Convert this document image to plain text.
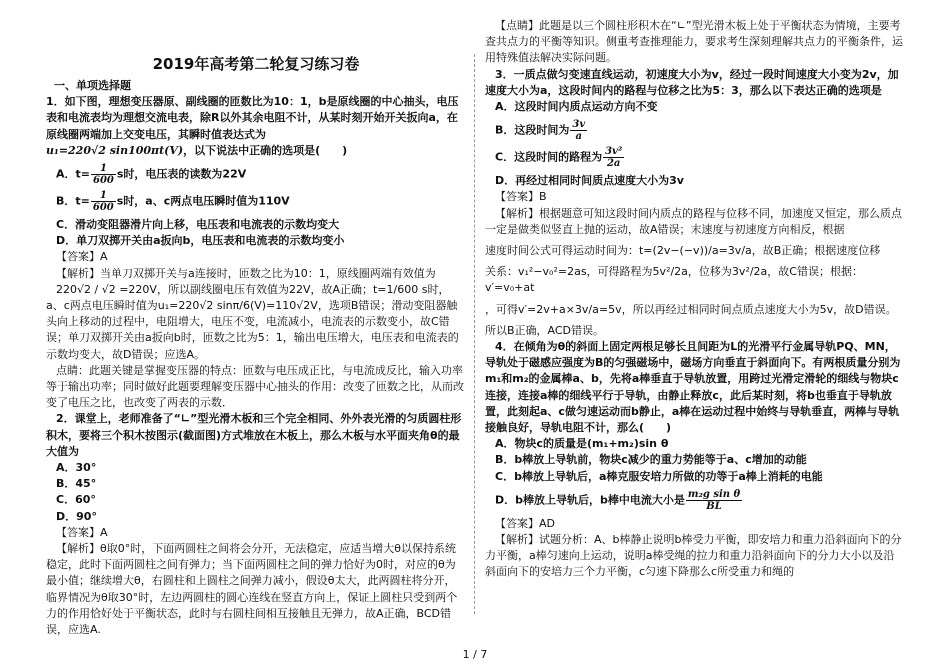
2019年高考第二轮复习练习卷
一、单项选择题
1．如下图，理想变压器原、副线圈的匝数比为10：1，b是原线圈的中心抽头，电压表和电流表均为理想交流电表，除R以外其余电阻不计，从某时刻开始开关扳向a，在原线圈两端加上交变电压，其瞬时值表达式为
u₁=220√2 sin100πt(V)，以下说法中正确的选项是(　　)
A．$t= \frac{1}{600}$ s时，电压表的读数为22V
B．$t= \frac{1}{600}$ s时，a、c两点电压瞬时值为110V
C．滑动变阻器滑片向上移，电压表和电流表的示数均变大
D．单刀双掷开关由a扳向b，电压表和电流表的示数均变小
【答案】A
【解析】当单刀双掷开关与a连接时，匝数之比为10：1，原线圈两端有效值为
220√2 / √2 =220V，所以副线圈电压有效值为22V，故A正确；t=1/600 s时，
a、c两点电压瞬时值为u₁=220√2 sinπ/6(V)=110√2V，选项B错误；滑动变阻器触头向上移动的过程中，电阻增大，电压不变，电流减小，电流表的示数变小，故C错误；单刀双掷开关由a扳向b时，匝数之比为5：1，输出电压增大，电压表和电流表的示数均变大，故D错误；应选A。
点睛：此题关键是掌握变压器的特点：匝数与电压成正比，与电流成反比，输入功率等于输出功率；同时做好此题要理解变压器中心抽头的作用：改变了匝数之比，从而改变了电压之比，也改变了两表的示数．
2．课堂上，老师准备了“∟”型光滑木板和三个完全相同、外外表光滑的匀质圆柱形积木，要将三个积木按图示(截面图)方式堆放在木板上，那么木板与水平面夹角θ的最大值为
A．30°
B．45°
C．60°
D．90°
【答案】A
【解析】θ取0°时，下面两圆柱之间将会分开，无法稳定，应适当增大θ以保持系统稳定，此时下面两圆柱之间有弹力；当下面两圆柱之间的弹力恰好为0时，对应的θ为最小值；继续增大θ，右圆柱和上圆柱之间弹力减小，假设θ太大，此两圆柱将分开，临界情况为θ取30°时，左边两圆柱的圆心连线在竖直方向上，保证上圆柱只受到两个力的作用恰好处于平衡状态，此时与右圆柱间相互接触且无弹力，故A正确，BCD错误，应选A.
【点睛】此题是以三个圆柱形积木在“∟”型光滑木板上处于平衡状态为情境，主要考查共点力的平衡等知识。侧重考查推理能力，要求考生深刻理解共点力的平衡条件，运用特殊值法解决实际问题。
3．一质点做匀变速直线运动，初速度大小为v，经过一段时间速度大小变为2v，加速度大小为a，这段时间内的路程与位移之比为5：3，那么以下表达正确的选项是
A．这段时间内质点运动方向不变
B．这段时间为 $\frac{3v}{a}$
C．这段时间的路程为 $\frac{\text{3v²}}{2a}$
D．再经过相同时间质点速度大小为3v
【答案】B
【解析】根据题意可知这段时间内质点的路程与位移不同，加速度又恒定，那么质点一定是做类似竖直上抛的运动，故A错误；末速度与初速度方向相反，根据
速度时间公式可得运动时间为：t=(2v−(−v))/a=3v/a，故B正确；根据速度位移
关系：v₁²−v₀²=2as，可得路程为5v²/2a，位移为3v²/2a，故C错误；根据：v′=v₀+at
，可得v′=2v+a×3v/a=5v，所以再经过相同时间点质点速度大小为5v，故D错误。
所以B正确，ACD错误。
4．在倾角为θ的斜面上固定两根足够长且间距为L的光滑平行金属导轨PQ、MN，导轨处于磁感应强度为B的匀强磁场中，磁场方向垂直于斜面向下。有两根质量分别为m₁和m₂的金属棒a、b，先将a棒垂直于导轨放置，用跨过光滑定滑轮的细线与物块c连接，连接a棒的细线平行于导轨，由静止释放c，此后某时刻，将b也垂直于导轨放置，此刻起a、c做匀速运动而b静止，a棒在运动过程中始终与导轨垂直，两棒与导轨接触良好，导轨电阻不计，那么(　　)
A．物块c的质量是(m₁+m₂)sin θ
B．b棒放上导轨前，物块c减少的重力势能等于a、c增加的动能
C．b棒放上导轨后，a棒克服安培力所做的功等于a棒上消耗的电能
D．b棒放上导轨后，b棒中电流大小是 $\frac{\text{m₂g sin θ}}{BL}$
【答案】AD
【解析】试题分析：A、b棒静止说明b棒受力平衡，即安培力和重力沿斜面向下的分力平衡，a棒匀速向上运动，说明a棒受绳的拉力和重力沿斜面向下的分力大小以及沿斜面向下的安培力三个力平衡，c匀速下降那么c所受重力和绳的
1 / 7
